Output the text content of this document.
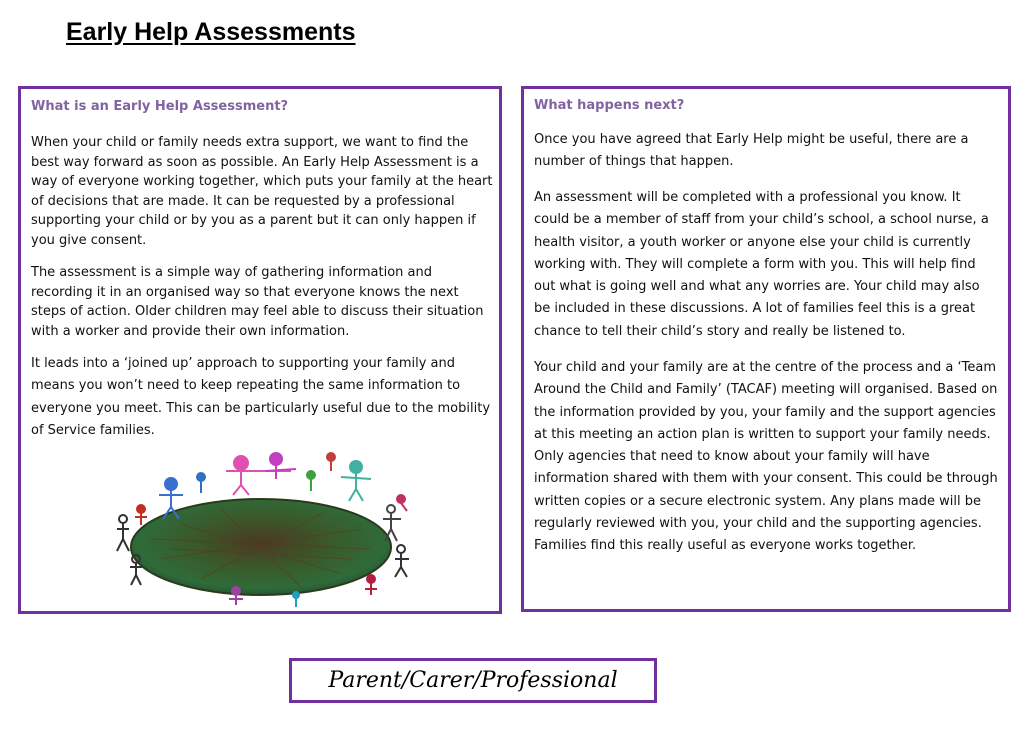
Early Help Assessments
What is an Early Help Assessment?
When your child or family needs extra support, we want to find the best way forward as soon as possible. An Early Help Assessment is a way of everyone working together, which puts your family at the heart of decisions that are made. It can be requested by a professional supporting your child or by you as a parent but it can only happen if you give consent.
The assessment is a simple way of gathering information and recording it in an organised way so that everyone knows the next steps of action. Older children may feel able to discuss their situation with a worker and provide their own information.
It leads into a ‘joined up’ approach to supporting your family and means you won’t need to keep repeating the same information to everyone you meet. This can be particularly useful due to the mobility of Service families.
What happens next?
Once you have agreed that Early Help might be useful, there are a number of things that happen.
An assessment will be completed with a professional you know. It could be a member of staff from your child’s school, a school nurse, a health visitor, a youth worker or anyone else your child is currently working with. They will complete a form with you. This will help find out what is going well and what any worries are. Your child may also be included in these discussions. A lot of families feel this is a great chance to tell their child’s story and really be listened to.
Your child and your family are at the centre of the process and a ‘Team Around the Child and Family’ (TACAF) meeting will organised. Based on the information provided by you, your family and the support agencies at this meeting an action plan is written to support your family needs. Only agencies that need to know about your family will have information shared with them with your consent. This could be through written copies or a secure electronic system. Any plans made will be regularly reviewed with you, your child and the supporting agencies. Families find this really useful as everyone works together.
Parent/Carer/Professional
